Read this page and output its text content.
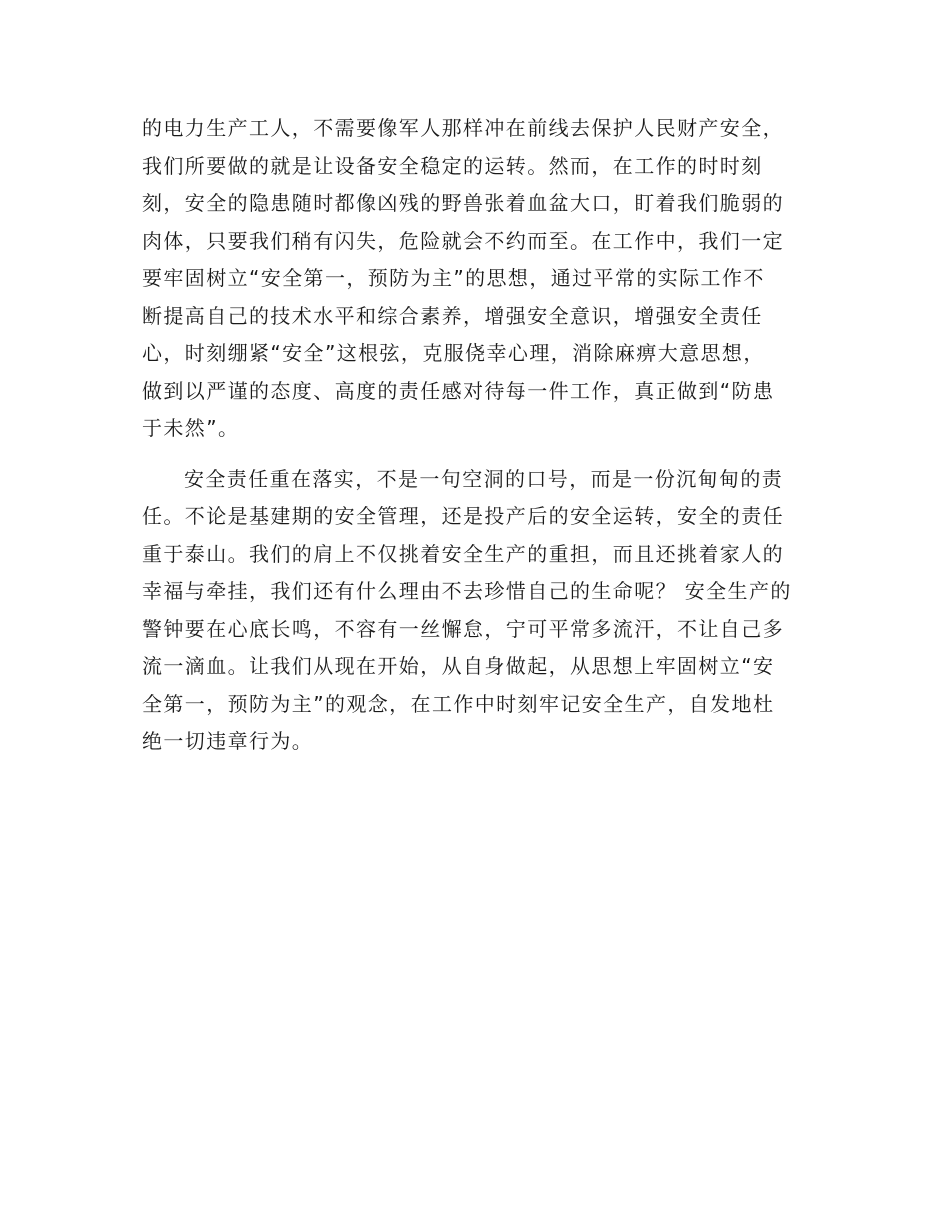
的电力生产工人，不需要像军人那样冲在前线去保护人民财产安全，
我们所要做的就是让设备安全稳定的运转。然而，在工作的时时刻
刻，安全的隐患随时都像凶残的野兽张着血盆大口，盯着我们脆弱的
肉体，只要我们稍有闪失，危险就会不约而至。在工作中，我们一定
要牢固树立“安全第一，预防为主”的思想，通过平常的实际工作不
断提高自己的技术水平和综合素养，增强安全意识，增强安全责任
心，时刻绷紧“安全”这根弦，克服侥幸心理，消除麻痹大意思想，
做到以严谨的态度、高度的责任感对待每一件工作，真正做到“防患
于未然”。
安全责任重在落实，不是一句空洞的口号，而是一份沉甸甸的责
任。不论是基建期的安全管理，还是投产后的安全运转，安全的责任
重于泰山。我们的肩上不仅挑着安全生产的重担，而且还挑着家人的
幸福与牵挂，我们还有什么理由不去珍惜自己的生命呢？ 安全生产的
警钟要在心底长鸣，不容有一丝懈怠，宁可平常多流汗，不让自己多
流一滴血。让我们从现在开始，从自身做起，从思想上牢固树立“安
全第一，预防为主”的观念，在工作中时刻牢记安全生产，自发地杜
绝一切违章行为。
